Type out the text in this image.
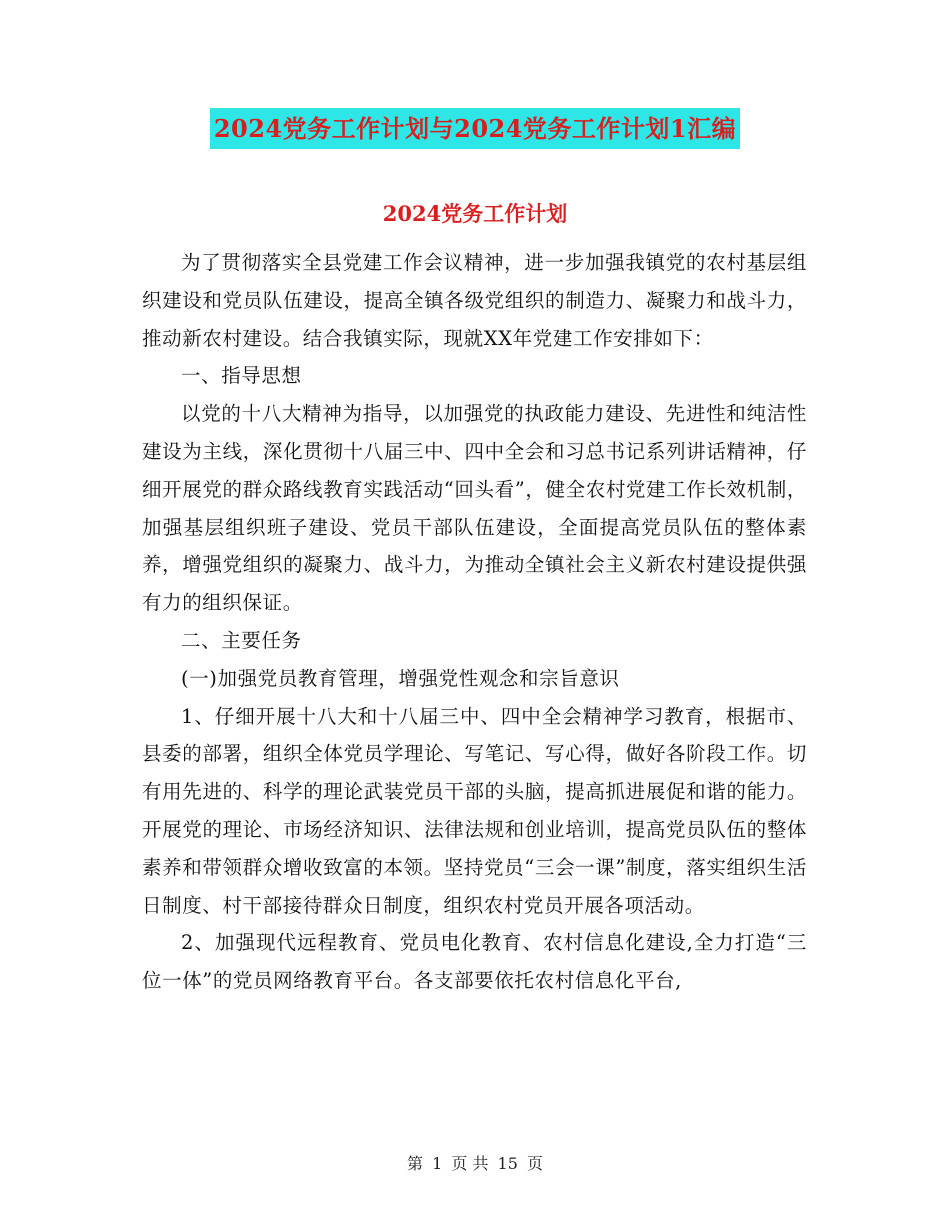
2024党务工作计划与2024党务工作计划1汇编
2024党务工作计划

为了贯彻落实全县党建工作会议精神，进一步加强我镇党的农村基层组织建设和党员队伍建设，提高全镇各级党组织的制造力、凝聚力和战斗力，推动新农村建设。结合我镇实际，现就XX年党建工作安排如下：

一、指导思想

以党的十八大精神为指导，以加强党的执政能力建设、先进性和纯洁性建设为主线，深化贯彻十八届三中、四中全会和习总书记系列讲话精神，仔细开展党的群众路线教育实践活动“回头看”，健全农村党建工作长效机制，加强基层组织班子建设、党员干部队伍建设，全面提高党员队伍的整体素养，增强党组织的凝聚力、战斗力，为推动全镇社会主义新农村建设提供强有力的组织保证。

二、主要任务

(一)加强党员教育管理，增强党性观念和宗旨意识

1、仔细开展十八大和十八届三中、四中全会精神学习教育，根据市、县委的部署，组织全体党员学理论、写笔记、写心得，做好各阶段工作。切有用先进的、科学的理论武装党员干部的头脑，提高抓进展促和谐的能力。开展党的理论、市场经济知识、法律法规和创业培训，提高党员队伍的整体素养和带领群众增收致富的本领。坚持党员“三会一课”制度，落实组织生活日制度、村干部接待群众日制度，组织农村党员开展各项活动。

2、加强现代远程教育、党员电化教育、农村信息化建设,全力打造“三位一体”的党员网络教育平台。各支部要依托农村信息化平台,

第 1 页 共 15 页
